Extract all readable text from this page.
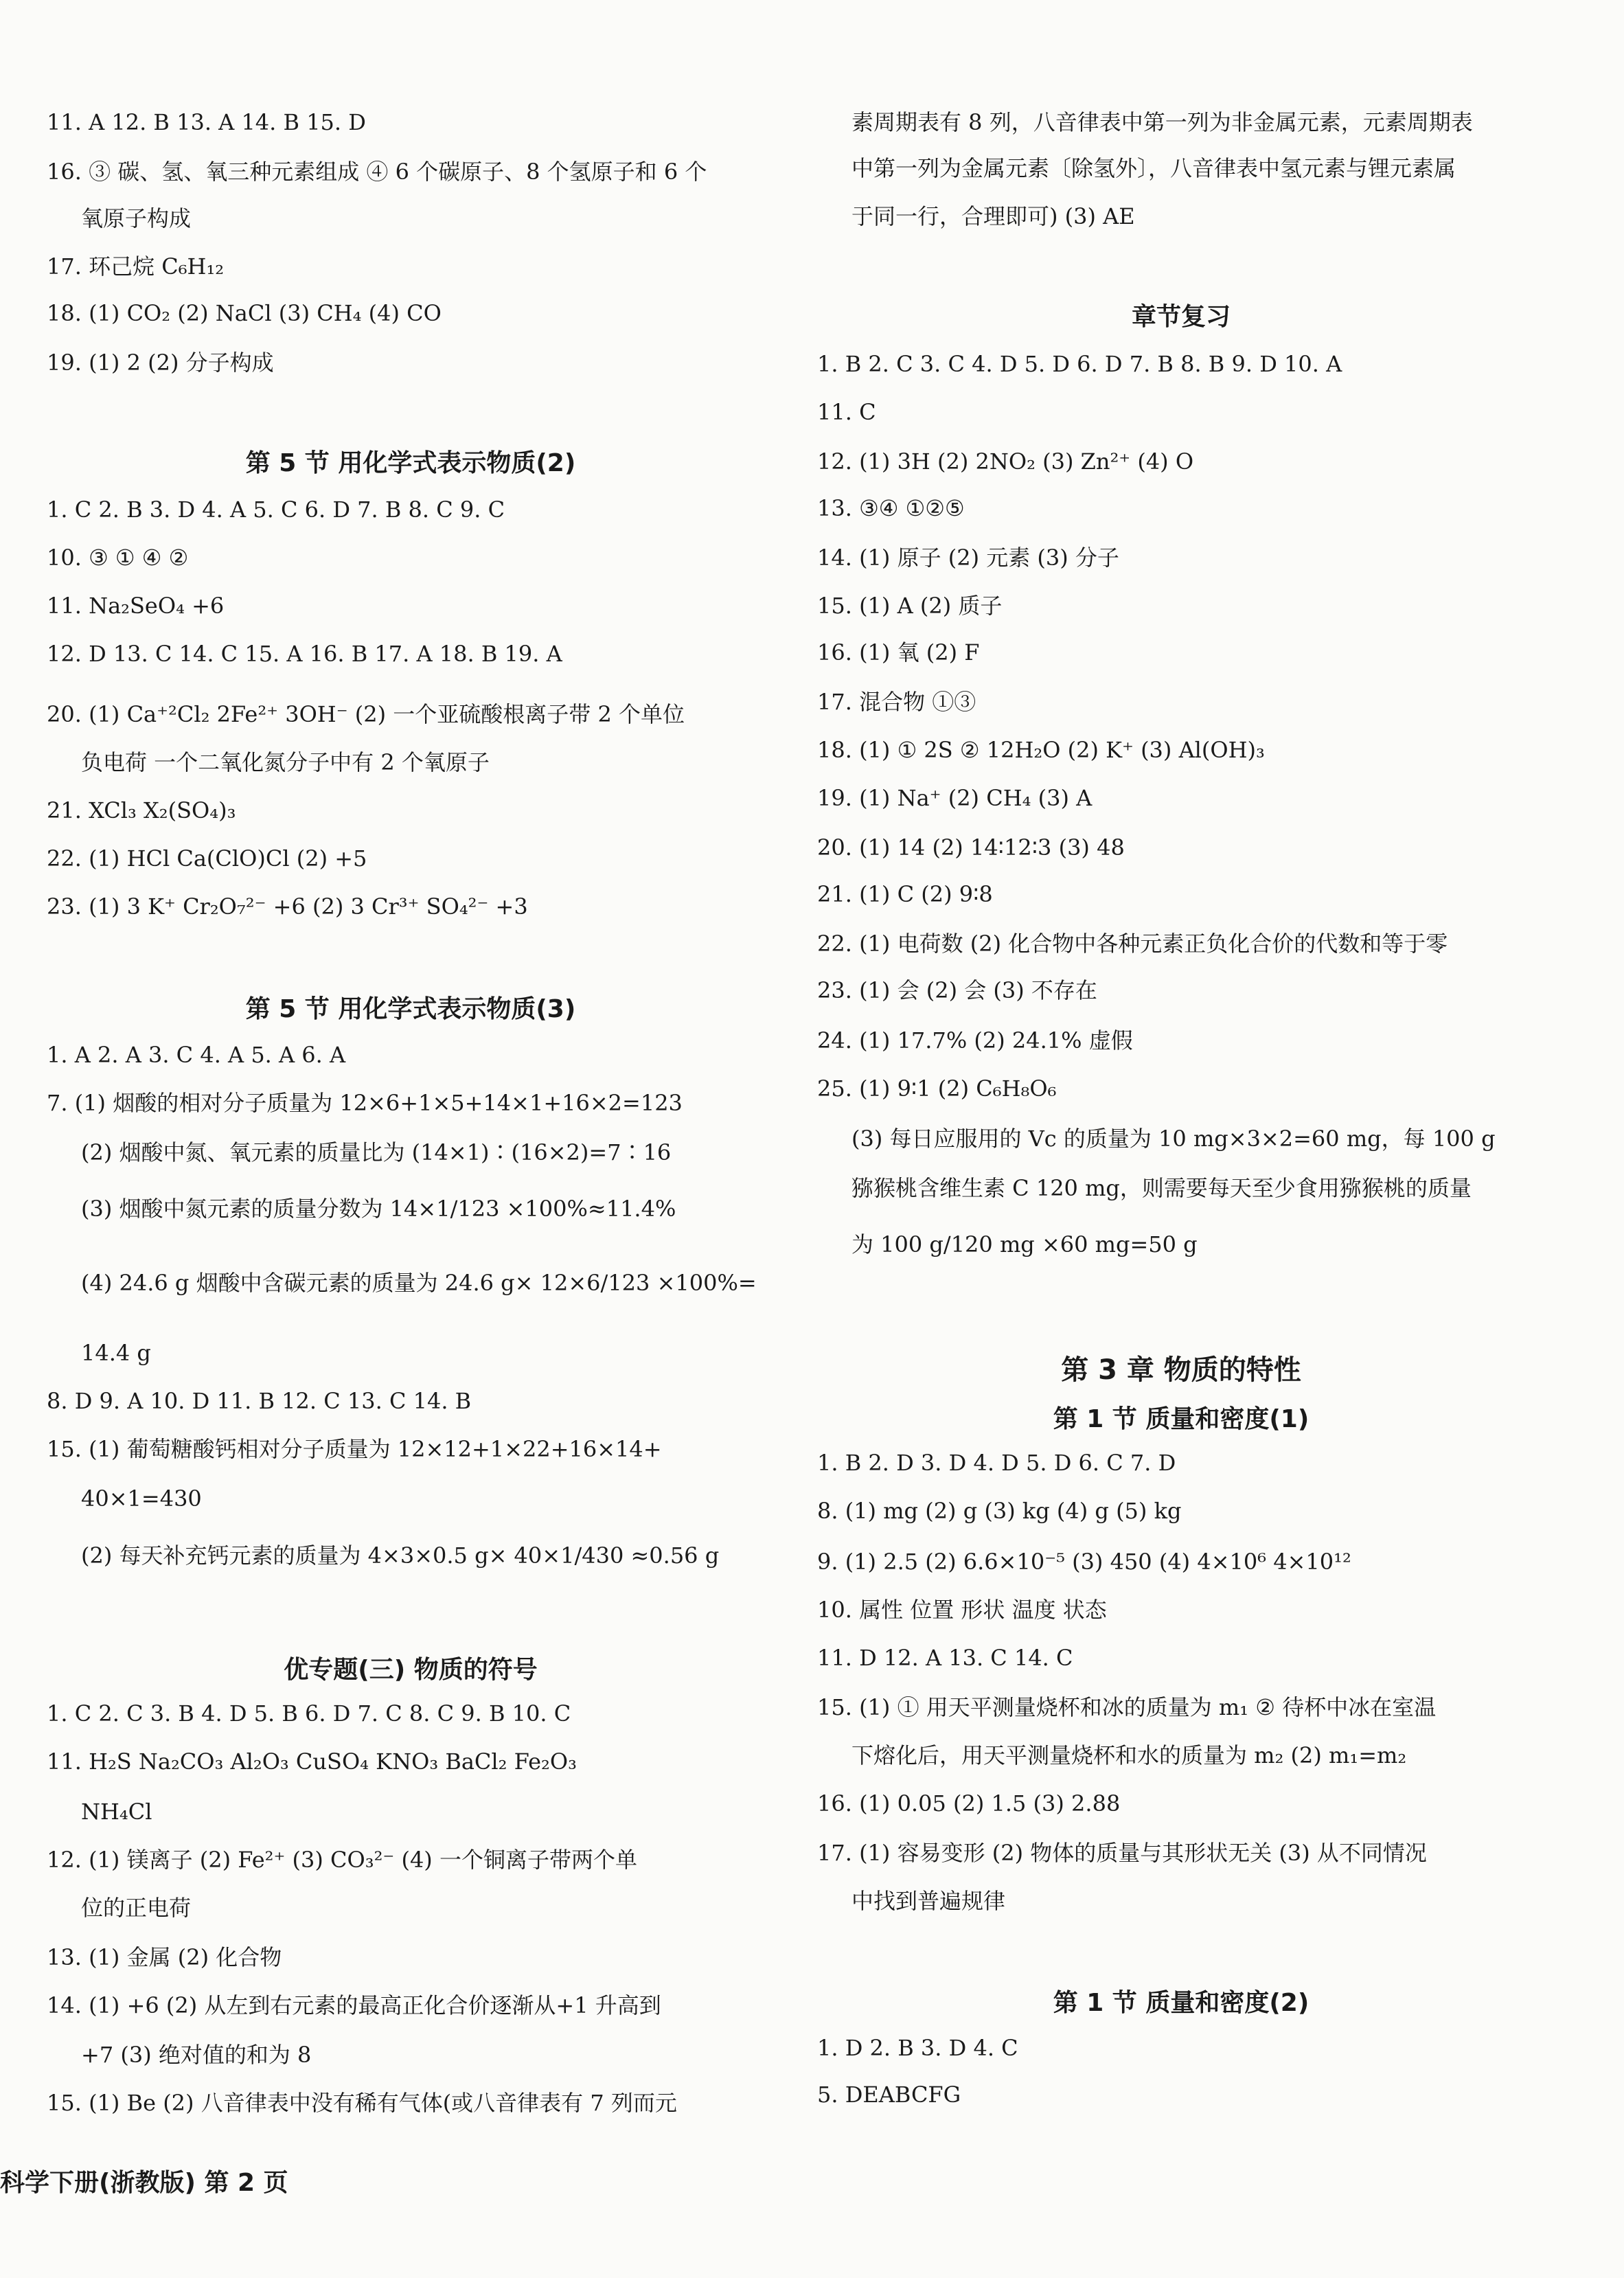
11. A 12. B 13. A 14. B 15. D
16. ③ 碳、氢、氧三种元素组成 ④ 6 个碳原子、8 个氢原子和 6 个
氧原子构成
17. 环己烷 C₆H₁₂
18. (1) CO₂ (2) NaCl (3) CH₄ (4) CO
19. (1) 2 (2) 分子构成
第 5 节 用化学式表示物质(2)
1. C 2. B 3. D 4. A 5. C 6. D 7. B 8. C 9. C
10. ③ ① ④ ②
11. Na₂SeO₄ +6
12. D 13. C 14. C 15. A 16. B 17. A 18. B 19. A
20. (1) Ca⁺²Cl₂ 2Fe²⁺ 3OH⁻ (2) 一个亚硫酸根离子带 2 个单位
负电荷 一个二氧化氮分子中有 2 个氧原子
21. XCl₃ X₂(SO₄)₃
22. (1) HCl Ca(ClO)Cl (2) +5
23. (1) 3 K⁺ Cr₂O₇²⁻ +6 (2) 3 Cr³⁺ SO₄²⁻ +3
第 5 节 用化学式表示物质(3)
1. A 2. A 3. C 4. A 5. A 6. A
7. (1) 烟酸的相对分子质量为 12×6+1×5+14×1+16×2=123
(2) 烟酸中氮、氧元素的质量比为 (14×1)∶(16×2)=7∶16
(3) 烟酸中氮元素的质量分数为 14×1/123 ×100%≈11.4%
(4) 24.6 g 烟酸中含碳元素的质量为 24.6 g× 12×6/123 ×100%=
14.4 g
8. D 9. A 10. D 11. B 12. C 13. C 14. B
15. (1) 葡萄糖酸钙相对分子质量为 12×12+1×22+16×14+
40×1=430
(2) 每天补充钙元素的质量为 4×3×0.5 g× 40×1/430 ≈0.56 g
优专题(三) 物质的符号
1. C 2. C 3. B 4. D 5. B 6. D 7. C 8. C 9. B 10. C
11. H₂S Na₂CO₃ Al₂O₃ CuSO₄ KNO₃ BaCl₂ Fe₂O₃
NH₄Cl
12. (1) 镁离子 (2) Fe²⁺ (3) CO₃²⁻ (4) 一个铜离子带两个单
位的正电荷
13. (1) 金属 (2) 化合物
14. (1) +6 (2) 从左到右元素的最高正化合价逐渐从+1 升高到
+7 (3) 绝对值的和为 8
15. (1) Be (2) 八音律表中没有稀有气体(或八音律表有 7 列而元
素周期表有 8 列，八音律表中第一列为非金属元素，元素周期表
中第一列为金属元素〔除氢外〕，八音律表中氢元素与锂元素属
于同一行，合理即可) (3) AE
章节复习
1. B 2. C 3. C 4. D 5. D 6. D 7. B 8. B 9. D 10. A
11. C
12. (1) 3H (2) 2NO₂ (3) Zn²⁺ (4) O
13. ③④ ①②⑤
14. (1) 原子 (2) 元素 (3) 分子
15. (1) A (2) 质子
16. (1) 氧 (2) F
17. 混合物 ①③
18. (1) ① 2S ② 12H₂O (2) K⁺ (3) Al(OH)₃
19. (1) Na⁺ (2) CH₄ (3) A
20. (1) 14 (2) 14∶12∶3 (3) 48
21. (1) C (2) 9∶8
22. (1) 电荷数 (2) 化合物中各种元素正负化合价的代数和等于零
23. (1) 会 (2) 会 (3) 不存在
24. (1) 17.7% (2) 24.1% 虚假
25. (1) 9∶1 (2) C₆H₈O₆
(3) 每日应服用的 Vc 的质量为 10 mg×3×2=60 mg，每 100 g
猕猴桃含维生素 C 120 mg，则需要每天至少食用猕猴桃的质量
为 100 g/120 mg ×60 mg=50 g
第 3 章 物质的特性
第 1 节 质量和密度(1)
1. B 2. D 3. D 4. D 5. D 6. C 7. D
8. (1) mg (2) g (3) kg (4) g (5) kg
9. (1) 2.5 (2) 6.6×10⁻⁵ (3) 450 (4) 4×10⁶ 4×10¹²
10. 属性 位置 形状 温度 状态
11. D 12. A 13. C 14. C
15. (1) ① 用天平测量烧杯和冰的质量为 m₁ ② 待杯中冰在室温
下熔化后，用天平测量烧杯和水的质量为 m₂ (2) m₁=m₂
16. (1) 0.05 (2) 1.5 (3) 2.88
17. (1) 容易变形 (2) 物体的质量与其形状无关 (3) 从不同情况
中找到普遍规律
第 1 节 质量和密度(2)
1. D 2. B 3. D 4. C
5. DEABCFG
科学下册(浙教版) 第 2 页
